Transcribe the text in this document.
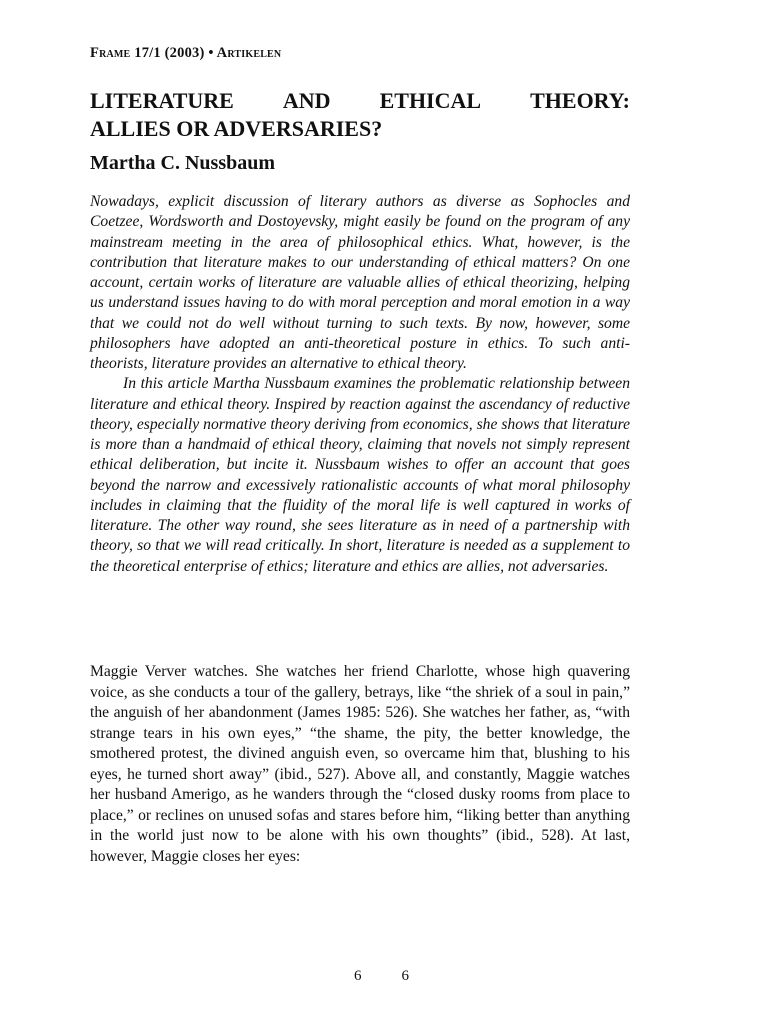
Frame 17/1 (2003) • Artikelen
LITERATURE AND ETHICAL THEORY:
ALLIES OR ADVERSARIES?
Martha C. Nussbaum

Nowadays, explicit discussion of literary authors as diverse as Sophocles and Coetzee, Wordsworth and Dostoyevsky, might easily be found on the program of any mainstream meeting in the area of philosophical ethics. What, however, is the contribution that literature makes to our understanding of ethical matters? On one account, certain works of literature are valuable allies of ethical theorizing, helping us understand issues having to do with moral perception and moral emotion in a way that we could not do well without turning to such texts. By now, however, some philosophers have adopted an anti-theoretical posture in ethics. To such anti-theorists, literature provides an alternative to ethical theory.

In this article Martha Nussbaum examines the problematic relationship between literature and ethical theory. Inspired by reaction against the ascendancy of reductive theory, especially normative theory deriving from economics, she shows that literature is more than a handmaid of ethical theory, claiming that novels not simply represent ethical deliberation, but incite it. Nussbaum wishes to offer an account that goes beyond the narrow and excessively rationalistic accounts of what moral philosophy includes in claiming that the fluidity of the moral life is well captured in works of literature. The other way round, she sees literature as in need of a partnership with theory, so that we will read critically. In short, literature is needed as a supplement to the theoretical enterprise of ethics; literature and ethics are allies, not adversaries.

Maggie Verver watches. She watches her friend Charlotte, whose high quavering voice, as she conducts a tour of the gallery, betrays, like “the shriek of a soul in pain,” the anguish of her abandonment (James 1985: 526). She watches her father, as, “with strange tears in his own eyes,” “the shame, the pity, the better knowledge, the smothered protest, the divined anguish even, so overcame him that, blushing to his eyes, he turned short away” (ibid., 527). Above all, and constantly, Maggie watches her husband Amerigo, as he wanders through the “closed dusky rooms from place to place,” or reclines on unused sofas and stares before him, “liking better than anything in the world just now to be alone with his own thoughts” (ibid., 528). At last, however, Maggie closes her eyes:

6	6
